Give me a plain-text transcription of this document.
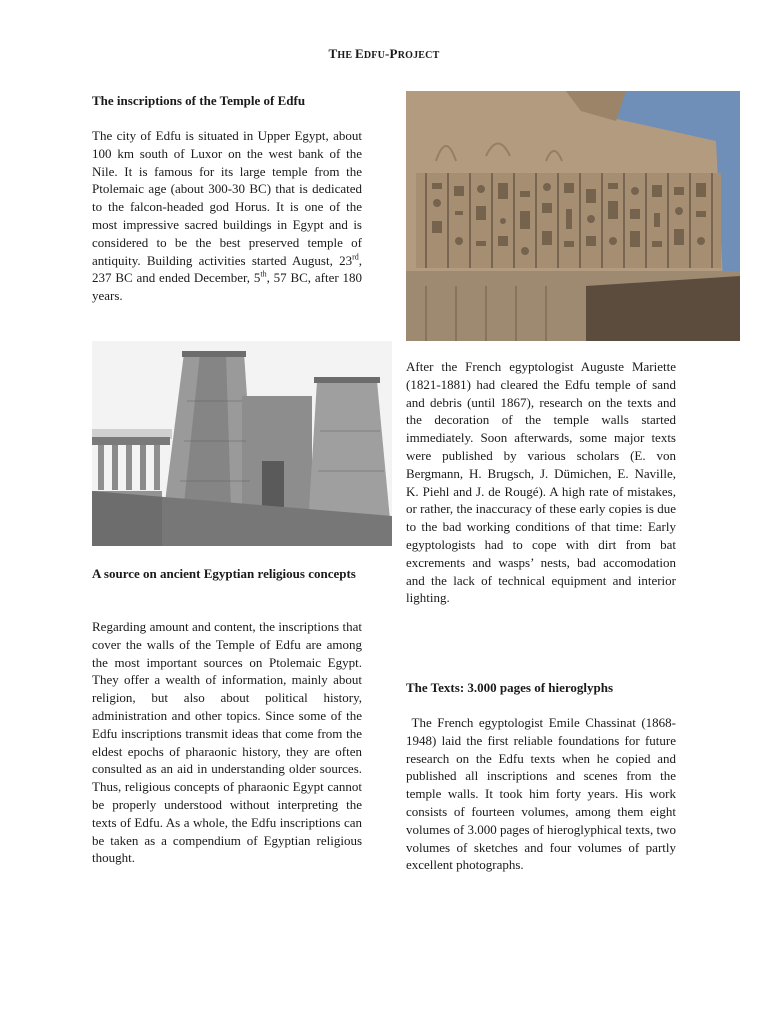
THE EDFU-PROJECT
The inscriptions of the Temple of Edfu

The city of Edfu is situated in Upper Egypt, about 100 km south of Luxor on the west bank of the Nile. It is famous for its large temple from the Ptolemaic age (about 300-30 BC) that is dedicated to the falcon-headed god Horus. It is one of the most impressive sacred buildings in Egypt and is considered to be the best preserved temple of antiquity. Building activities started August, 23rd, 237 BC and ended December, 5th, 57 BC, after 180 years.

A source on ancient Egyptian religious concepts

Regarding amount and content, the inscriptions that cover the walls of the Temple of Edfu are among the most important sources on Ptolemaic Egypt. They offer a wealth of information, mainly about religion, but also about political history, administration and other topics. Since some of the Edfu inscriptions transmit ideas that come from the eldest epochs of pharaonic history, they are often consulted as an aid in understanding older sources. Thus, religious concepts of pharaonic Egypt cannot be properly understood without interpreting the texts of Edfu. As a whole, the Edfu inscriptions can be taken as a compendium of Egyptian religious thought.

After the French egyptologist Auguste Mariette (1821-1881) had cleared the Edfu temple of sand and debris (until 1867), research on the texts and the decoration of the temple walls started immediately. Soon afterwards, some major texts were published by various scholars (E. von Bergmann, H. Brugsch, J. Dümichen, E. Naville, K. Piehl and J. de Rougé). A high rate of mistakes, or rather, the inaccuracy of these early copies is due to the bad working conditions of that time: Early egyptologists had to cope with dirt from bat excrements and wasps’ nests, bad accomodation and the lack of technical equipment and interior lighting.

The Texts: 3.000 pages of hieroglyphs

The French egyptologist Emile Chassinat (1868-1948) laid the first reliable foundations for future research on the Edfu texts when he copied and published all inscriptions and scenes from the temple walls. It took him forty years. His work consists of fourteen volumes, among them eight volumes of 3.000 pages of hieroglyphical texts, two volumes of sketches and four volumes of partly excellent photographs.
